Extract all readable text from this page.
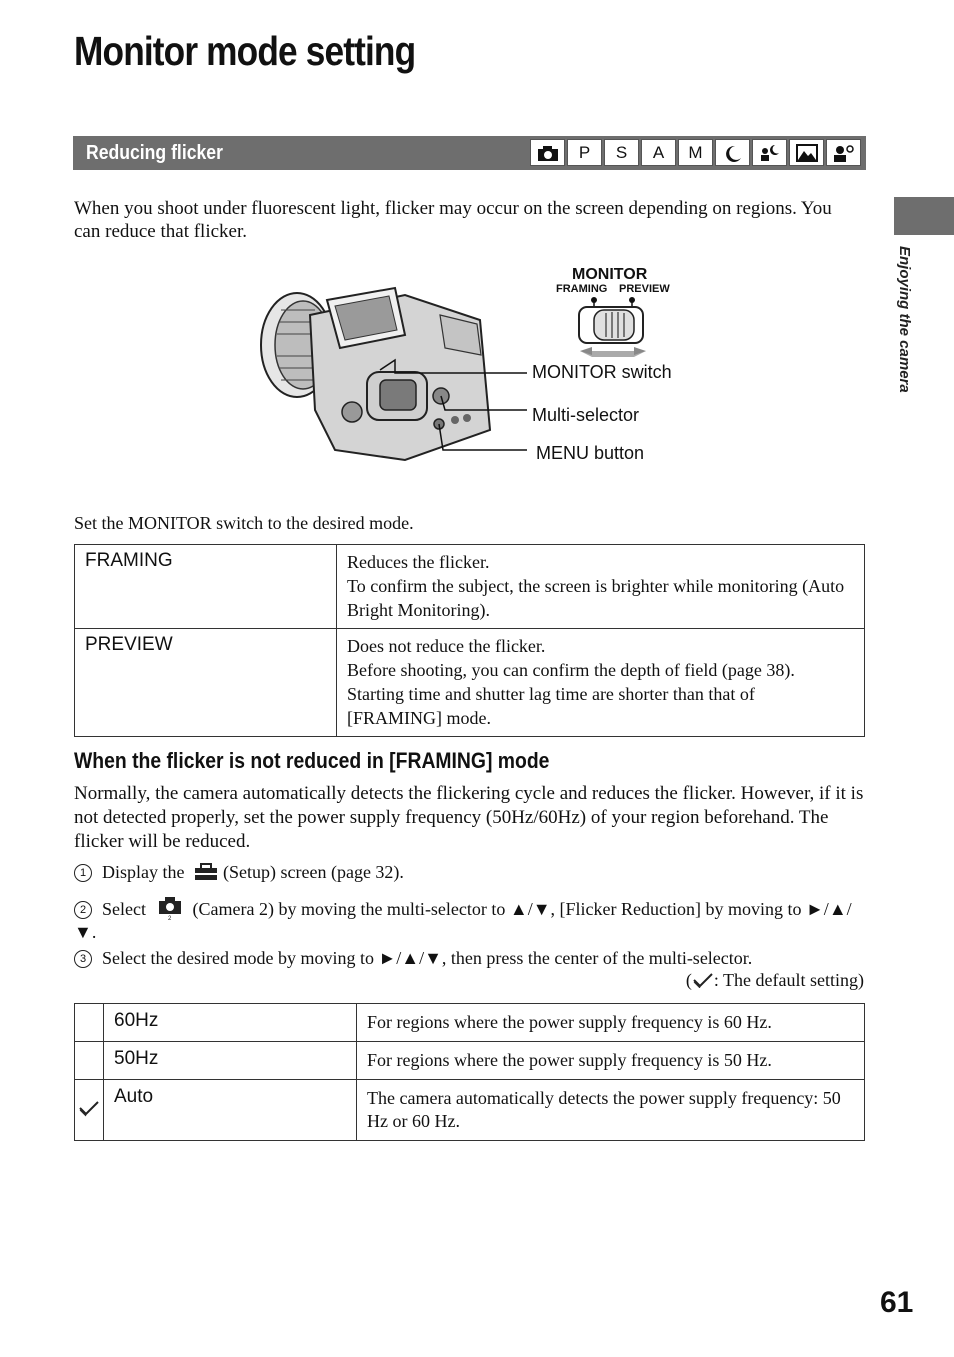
Monitor mode setting
Reducing flicker	P	S	A	M
Enjoying the camera
When you shoot under fluorescent light, flicker may occur on the screen depending on regions. You can reduce that flicker.
MONITOR switch
Multi-selector
MENU button
MONITOR
FRAMING PREVIEW
Set the MONITOR switch to the desired mode.
FRAMING	Reduces the flicker.
To confirm the subject, the screen is brighter while monitoring (Auto Bright Monitoring).

PREVIEW	Does not reduce the flicker.
Before shooting, you can confirm the depth of field (page 38). Starting time and shutter lag time are shorter than that of [FRAMING] mode.
When the flicker is not reduced in [FRAMING] mode
Normally, the camera automatically detects the flickering cycle and reduces the flicker. However, if it is not detected properly, set the power supply frequency (50Hz/60Hz) of your region beforehand. The flicker will be reduced.
1 Display the (Setup) screen (page 32).
2 Select	2 (Camera 2) by moving the multi-selector to ▲/▼, [Flicker Reduction] by moving to ►/▲/▼.
3 Select the desired mode by moving to ►/▲/▼, then press the center of the multi-selector.
( : The default setting)
	60Hz	For regions where the power supply frequency is 60 Hz.
	50Hz	For regions where the power supply frequency is 50 Hz.
	Auto	The camera automatically detects the power supply frequency: 50 Hz or 60 Hz.
61
